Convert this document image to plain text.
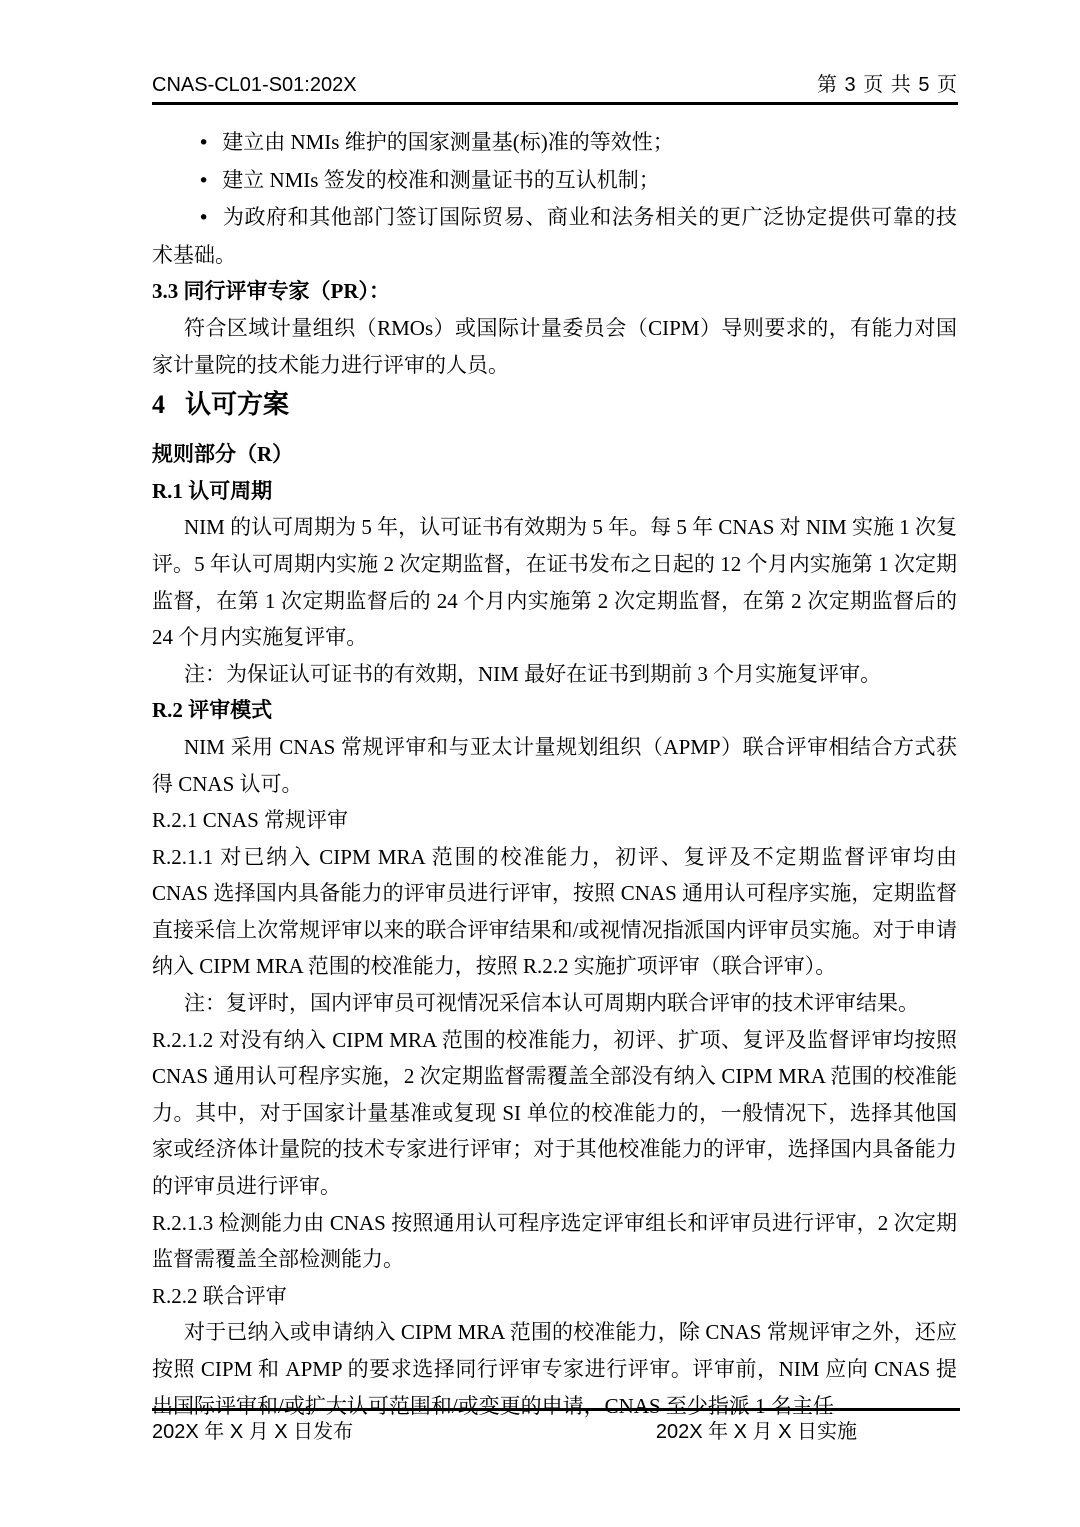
CNAS-CL01-S01:202X	第 3 页 共 5 页

• 建立由 NMIs 维护的国家测量基(标)准的等效性；

• 建立 NMIs 签发的校准和测量证书的互认机制；

• 为政府和其他部门签订国际贸易、商业和法务相关的更广泛协定提供可靠的技术基础。

3.3 同行评审专家（PR）：

符合区域计量组织（RMOs）或国际计量委员会（CIPM）导则要求的，有能力对国家计量院的技术能力进行评审的人员。

4 认可方案
规则部分（R）
R.1 认可周期

NIM 的认可周期为 5 年，认可证书有效期为 5 年。每 5 年 CNAS 对 NIM 实施 1 次复评。5 年认可周期内实施 2 次定期监督，在证书发布之日起的 12 个月内实施第 1 次定期监督，在第 1 次定期监督后的 24 个月内实施第 2 次定期监督，在第 2 次定期监督后的 24 个月内实施复评审。

注：为保证认可证书的有效期，NIM 最好在证书到期前 3 个月实施复评审。

R.2 评审模式

NIM 采用 CNAS 常规评审和与亚太计量规划组织（APMP）联合评审相结合方式获得 CNAS 认可。

R.2.1 CNAS 常规评审

R.2.1.1 对已纳入 CIPM MRA 范围的校准能力，初评、复评及不定期监督评审均由 CNAS 选择国内具备能力的评审员进行评审，按照 CNAS 通用认可程序实施，定期监督直接采信上次常规评审以来的联合评审结果和/或视情况指派国内评审员实施。对于申请纳入 CIPM MRA 范围的校准能力，按照 R.2.2 实施扩项评审（联合评审）。

注：复评时，国内评审员可视情况采信本认可周期内联合评审的技术评审结果。

R.2.1.2 对没有纳入 CIPM MRA 范围的校准能力，初评、扩项、复评及监督评审均按照 CNAS 通用认可程序实施，2 次定期监督需覆盖全部没有纳入 CIPM MRA 范围的校准能力。其中，对于国家计量基准或复现 SI 单位的校准能力的，一般情况下，选择其他国家或经济体计量院的技术专家进行评审；对于其他校准能力的评审，选择国内具备能力的评审员进行评审。

R.2.1.3 检测能力由 CNAS 按照通用认可程序选定评审组长和评审员进行评审，2 次定期监督需覆盖全部检测能力。

R.2.2 联合评审

对于已纳入或申请纳入 CIPM MRA 范围的校准能力，除 CNAS 常规评审之外，还应按照 CIPM 和 APMP 的要求选择同行评审专家进行评审。评审前，NIM 应向 CNAS 提出国际评审和/或扩大认可范围和/或变更的申请，CNAS 至少指派 1 名主任

202X 年 X 月 X 日发布	202X 年 X 月 X 日实施
